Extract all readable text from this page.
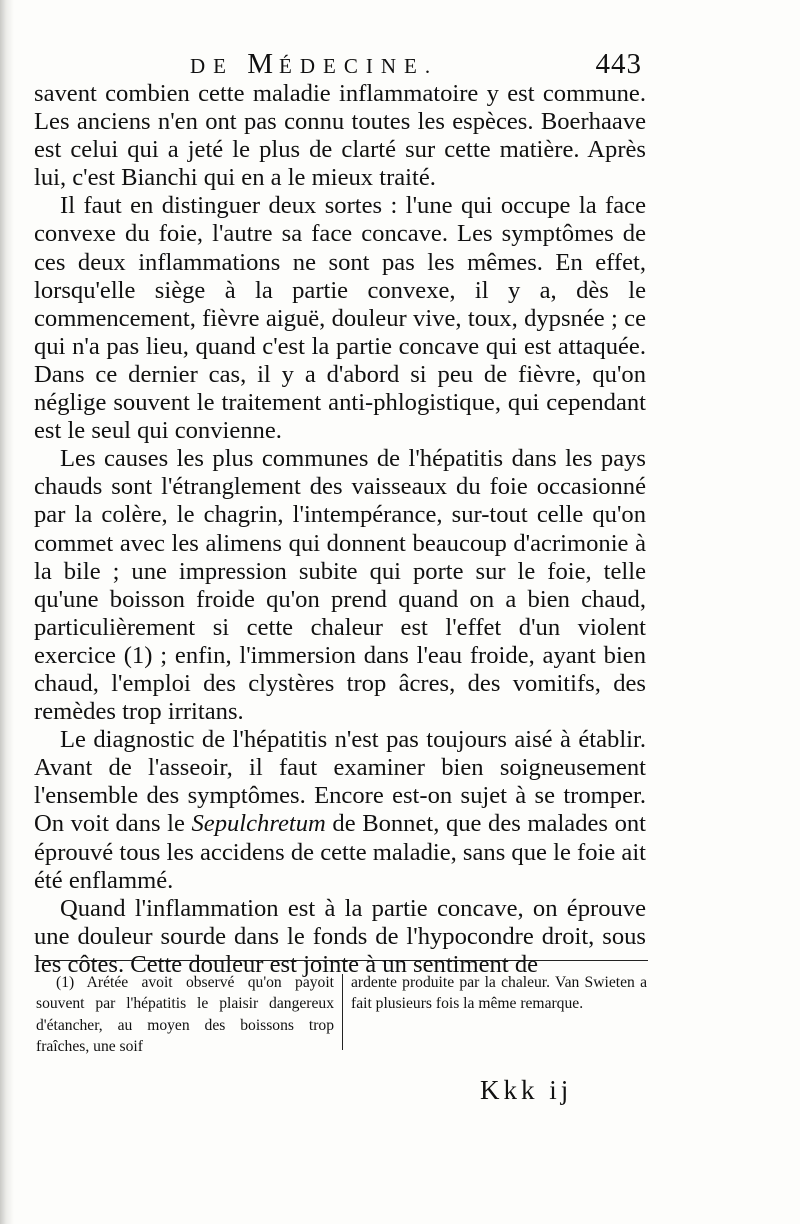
DE MÉDECINE.	443

savent combien cette maladie inflammatoire y est commune. Les anciens n'en ont pas connu toutes les espèces. Boerhaave est celui qui a jeté le plus de clarté sur cette matière. Après lui, c'est Bianchi qui en a le mieux traité.

Il faut en distinguer deux sortes : l'une qui occupe la face convexe du foie, l'autre sa face concave. Les symptômes de ces deux inflammations ne sont pas les mêmes. En effet, lorsqu'elle siège à la partie convexe, il y a, dès le commencement, fièvre aiguë, douleur vive, toux, dypsnée ; ce qui n'a pas lieu, quand c'est la partie concave qui est attaquée. Dans ce dernier cas, il y a d'abord si peu de fièvre, qu'on néglige souvent le traitement anti-phlogistique, qui cependant est le seul qui convienne.

Les causes les plus communes de l'hépatitis dans les pays chauds sont l'étranglement des vaisseaux du foie occasionné par la colère, le chagrin, l'intempérance, sur-tout celle qu'on commet avec les alimens qui donnent beaucoup d'acrimonie à la bile ; une impression subite qui porte sur le foie, telle qu'une boisson froide qu'on prend quand on a bien chaud, particulièrement si cette chaleur est l'effet d'un violent exercice (1) ; enfin, l'immersion dans l'eau froide, ayant bien chaud, l'emploi des clystères trop âcres, des vomitifs, des remèdes trop irritans.

Le diagnostic de l'hépatitis n'est pas toujours aisé à établir. Avant de l'asseoir, il faut examiner bien soigneusement l'ensemble des symptômes. Encore est-on sujet à se tromper. On voit dans le Sepulchretum de Bonnet, que des malades ont éprouvé tous les accidens de cette maladie, sans que le foie ait été enflammé.

Quand l'inflammation est à la partie concave, on éprouve une douleur sourde dans le fonds de l'hypocondre droit, sous les côtes. Cette douleur est jointe à un sentiment de

(1) Arétée avoit observé qu'on payoit souvent par l'hépatitis le plaisir dangereux d'étancher, au moyen des boissons trop fraîches, une soif

ardente produite par la chaleur. Van Swieten a fait plusieurs fois la même remarque.

Kkk ij
